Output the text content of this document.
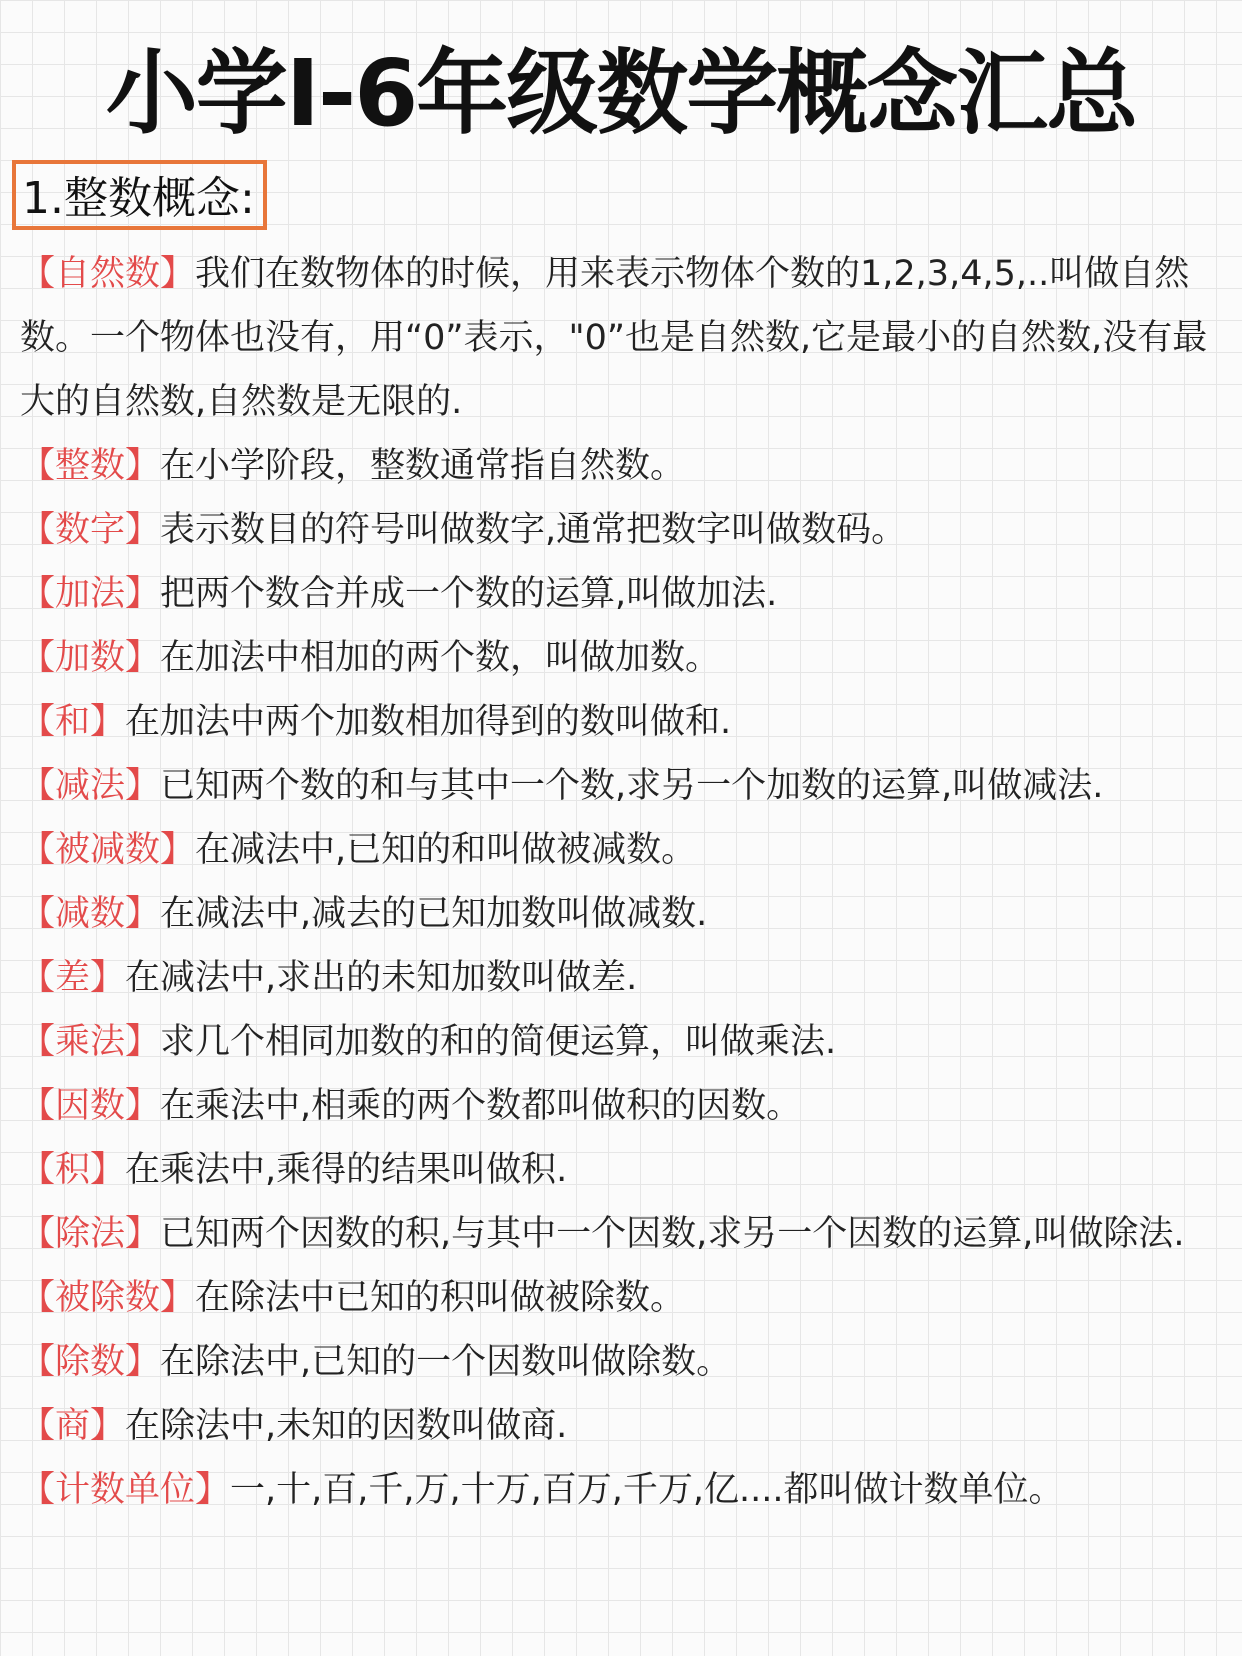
小学I-6年级数学概念汇总
1.整数概念:
【自然数】我们在数物体的时候，用来表示物体个数的1,2,3,4,5,..叫做自然数。一个物体也没有，用“0”表示，"0”也是自然数,它是最小的自然数,没有最大的自然数,自然数是无限的.
【整数】在小学阶段，整数通常指自然数。
【数字】表示数目的符号叫做数字,通常把数字叫做数码。
【加法】把两个数合并成一个数的运算,叫做加法.
【加数】在加法中相加的两个数，叫做加数。
【和】在加法中两个加数相加得到的数叫做和.
【减法】已知两个数的和与其中一个数,求另一个加数的运算,叫做减法.
【被减数】在减法中,已知的和叫做被减数。
【减数】在减法中,减去的已知加数叫做减数.
【差】在减法中,求出的未知加数叫做差.
【乘法】求几个相同加数的和的简便运算，叫做乘法.
【因数】在乘法中,相乘的两个数都叫做积的因数。
【积】在乘法中,乘得的结果叫做积.
【除法】已知两个因数的积,与其中一个因数,求另一个因数的运算,叫做除法.
【被除数】在除法中已知的积叫做被除数。
【除数】在除法中,已知的一个因数叫做除数。
【商】在除法中,未知的因数叫做商.
【计数单位】一,十,百,千,万,十万,百万,千万,亿....都叫做计数单位。
